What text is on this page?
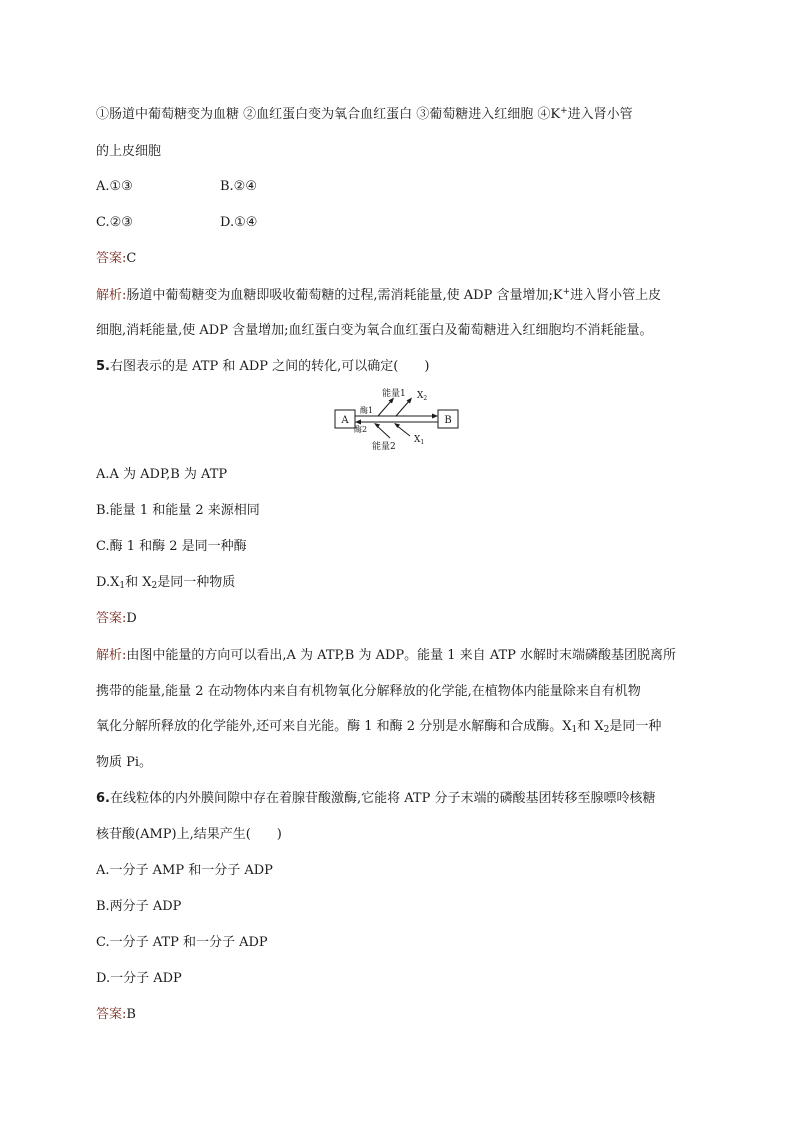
①肠道中葡萄糖变为血糖 ②血红蛋白变为氧合血红蛋白 ③葡萄糖进入红细胞 ④K+进入肾小管
的上皮细胞
A.①③	B.②④
C.②③	D.①④
答案:C
解析:肠道中葡萄糖变为血糖即吸收葡萄糖的过程,需消耗能量,使 ADP 含量增加;K+进入肾小管上皮
细胞,消耗能量,使 ADP 含量增加;血红蛋白变为氧合血红蛋白及葡萄糖进入红细胞均不消耗能量。
5.右图表示的是 ATP 和 ADP 之间的转化,可以确定(　　)
A	B
能量1 $X_2$
酶1
酶2
能量2
$X_1$
A.A 为 ADP,B 为 ATP
B.能量 1 和能量 2 来源相同
C.酶 1 和酶 2 是同一种酶
$D.X_1$和 $X_2$是同一种物质
答案:D
解析:由图中能量的方向可以看出,A 为 ATP,B 为 ADP。能量 1 来自 ATP 水解时末端磷酸基团脱离所
携带的能量,能量 2 在动物体内来自有机物氧化分解释放的化学能,在植物体内能量除来自有机物
氧化分解所释放的化学能外,还可来自光能。酶 1 和酶 2 分别是水解酶和合成酶。$X_1$和 $X_2$是同一种
物质 Pi。
6.在线粒体的内外膜间隙中存在着腺苷酸激酶,它能将 ATP 分子末端的磷酸基团转移至腺嘌呤核糖
核苷酸(AMP)上,结果产生(　　)
A.一分子 AMP 和一分子 ADP
B.两分子 ADP
C.一分子 ATP 和一分子 ADP
D.一分子 ADP
答案:B
